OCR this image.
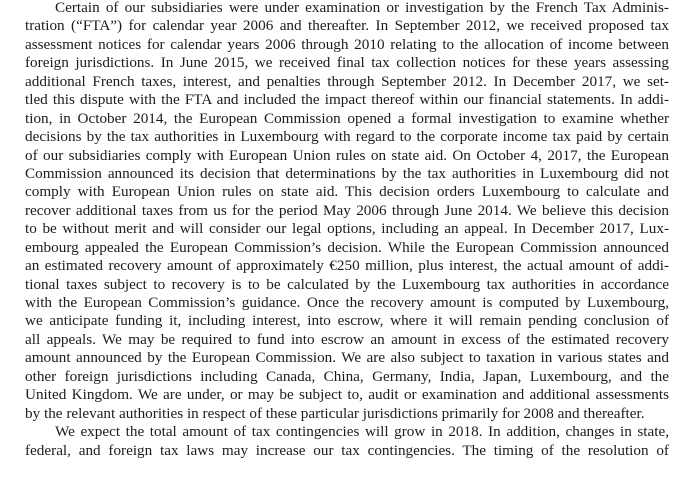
Certain of our subsidiaries were under examination or investigation by the French Tax Adminis-
tration (“FTA”) for calendar year 2006 and thereafter. In September 2012, we received proposed tax
assessment notices for calendar years 2006 through 2010 relating to the allocation of income between
foreign jurisdictions. In June 2015, we received final tax collection notices for these years assessing
additional French taxes, interest, and penalties through September 2012. In December 2017, we set-
tled this dispute with the FTA and included the impact thereof within our financial statements. In addi-
tion, in October 2014, the European Commission opened a formal investigation to examine whether
decisions by the tax authorities in Luxembourg with regard to the corporate income tax paid by certain
of our subsidiaries comply with European Union rules on state aid. On October 4, 2017, the European
Commission announced its decision that determinations by the tax authorities in Luxembourg did not
comply with European Union rules on state aid. This decision orders Luxembourg to calculate and
recover additional taxes from us for the period May 2006 through June 2014. We believe this decision
to be without merit and will consider our legal options, including an appeal. In December 2017, Lux-
embourg appealed the European Commission’s decision. While the European Commission announced
an estimated recovery amount of approximately €250 million, plus interest, the actual amount of addi-
tional taxes subject to recovery is to be calculated by the Luxembourg tax authorities in accordance
with the European Commission’s guidance. Once the recovery amount is computed by Luxembourg,
we anticipate funding it, including interest, into escrow, where it will remain pending conclusion of
all appeals. We may be required to fund into escrow an amount in excess of the estimated recovery
amount announced by the European Commission. We are also subject to taxation in various states and
other foreign jurisdictions including Canada, China, Germany, India, Japan, Luxembourg, and the
United Kingdom. We are under, or may be subject to, audit or examination and additional assessments
by the relevant authorities in respect of these particular jurisdictions primarily for 2008 and thereafter.
We expect the total amount of tax contingencies will grow in 2018. In addition, changes in state,
federal, and foreign tax laws may increase our tax contingencies. The timing of the resolution of
